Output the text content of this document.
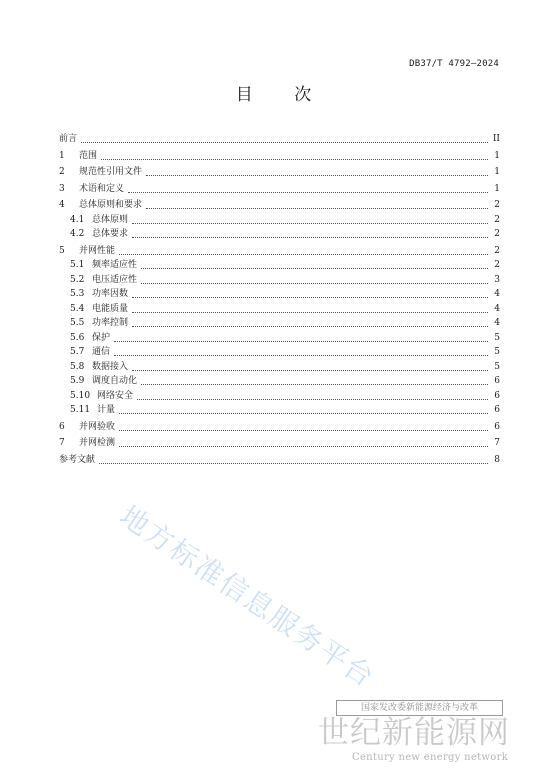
DB37/T 4792—2024
目 次
前言	II
1 范围	1
2 规范性引用文件	1
3 术语和定义	1
4 总体原则和要求	2
4.1 总体原则	2
4.2 总体要求	2
5 并网性能	2
5.1 频率适应性	2
5.2 电压适应性	3
5.3 功率因数	4
5.4 电能质量	4
5.5 功率控制	4
5.6 保护	5
5.7 通信	5
5.8 数据接入	5
5.9 调度自动化	6
5.10 网络安全	6
5.11 计量	6
6 并网验收	6
7 并网检测	7
参考文献	8
地方标准信息服务平台
国家发改委新能源经济与改革
世纪新能源网
Century new energy network
